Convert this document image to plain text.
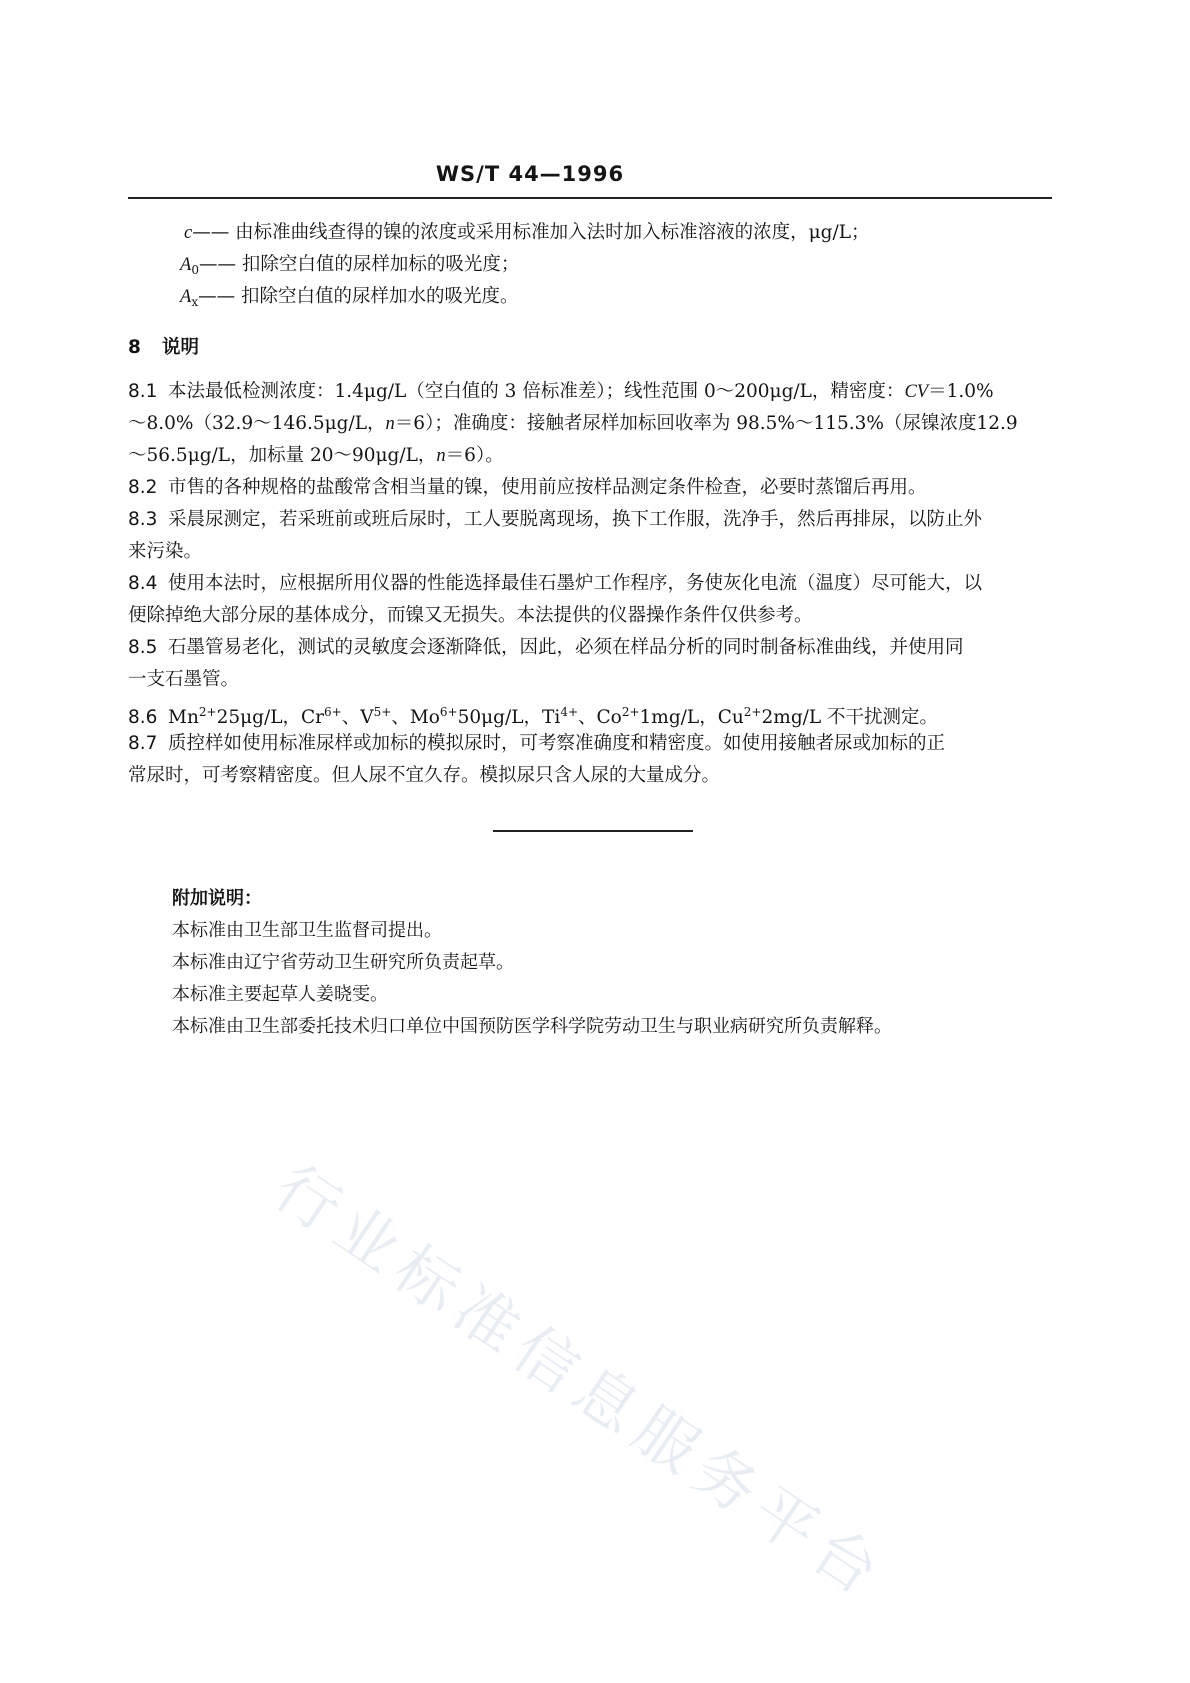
WS/T 44—1996
c—— 由标准曲线查得的镍的浓度或采用标准加入法时加入标准溶液的浓度，μg/L；
$A_0——$ 扣除空白值的尿样加标的吸光度；
$A_x——$ 扣除空白值的尿样加水的吸光度。
8 说明
8.1 本法最低检测浓度：1.4μg/L（空白值的 3 倍标准差）；线性范围 0～200μg/L，精密度：CV＝1.0%
～8.0%（32.9～146.5μg/L，n＝6）；准确度：接触者尿样加标回收率为 98.5%～115.3%（尿镍浓度12.9
～56.5μg/L，加标量 20～90μg/L，n＝6）。
8.2 市售的各种规格的盐酸常含相当量的镍，使用前应按样品测定条件检查，必要时蒸馏后再用。
8.3 采晨尿测定，若采班前或班后尿时，工人要脱离现场，换下工作服，洗净手，然后再排尿，以防止外
来污染。
8.4 使用本法时，应根据所用仪器的性能选择最佳石墨炉工作程序，务使灰化电流（温度）尽可能大，以
便除掉绝大部分尿的基体成分，而镍又无损失。本法提供的仪器操作条件仅供参考。
8.5 石墨管易老化，测试的灵敏度会逐渐降低，因此，必须在样品分析的同时制备标准曲线，并使用同
一支石墨管。
8.6 $Mn^{2+}25\mu g/L$，$Cr^{6+}$、$V^{5+}$、$Mo^{6+}50\mu g/L$，$Ti^{4+}$、$Co^{2+}1mg/L$，$Cu^{2+}2mg/L$ 不干扰测定。
8.7 质控样如使用标准尿样或加标的模拟尿时，可考察准确度和精密度。如使用接触者尿或加标的正
常尿时，可考察精密度。但人尿不宜久存。模拟尿只含人尿的大量成分。
附加说明：
本标准由卫生部卫生监督司提出。
本标准由辽宁省劳动卫生研究所负责起草。
本标准主要起草人姜晓雯。
本标准由卫生部委托技术归口单位中国预防医学科学院劳动卫生与职业病研究所负责解释。
行业标准信息服务平台
